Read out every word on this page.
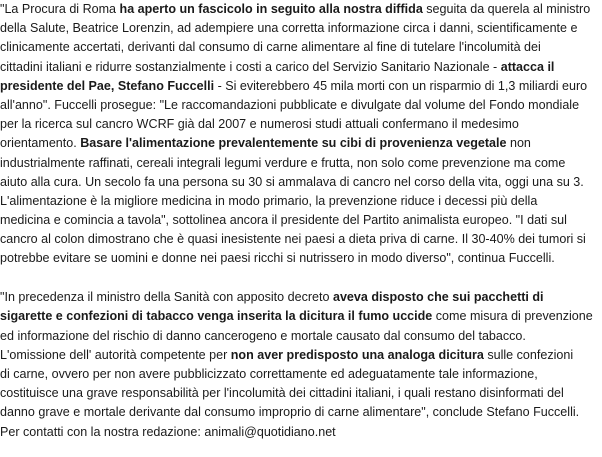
"La Procura di Roma ha aperto un fascicolo in seguito alla nostra diffida seguita da querela al ministro
della Salute, Beatrice Lorenzin, ad adempiere una corretta informazione circa i danni, scientificamente e
clinicamente accertati, derivanti dal consumo di carne alimentare al fine di tutelare l'incolumità dei
cittadini italiani e ridurre sostanzialmente i costi a carico del Servizio Sanitario Nazionale - attacca il
presidente del Pae, Stefano Fuccelli - Si eviterebbero 45 mila morti con un risparmio di 1,3 miliardi euro
all'anno". Fuccelli prosegue: "Le raccomandazioni pubblicate e divulgate dal volume del Fondo mondiale
per la ricerca sul cancro WCRF già dal 2007 e numerosi studi attuali confermano il medesimo
orientamento. Basare l'alimentazione prevalentemente su cibi di provenienza vegetale non
industrialmente raffinati, cereali integrali legumi verdure e frutta, non solo come prevenzione ma come
aiuto alla cura. Un secolo fa una persona su 30 si ammalava di cancro nel corso della vita, oggi una su 3.
L'alimentazione è la migliore medicina in modo primario, la prevenzione riduce i decessi più della
medicina e comincia a tavola", sottolinea ancora il presidente del Partito animalista europeo. "I dati sul
cancro al colon dimostrano che è quasi inesistente nei paesi a dieta priva di carne. Il 30-40% dei tumori si
potrebbe evitare se uomini e donne nei paesi ricchi si nutrissero in modo diverso", continua Fuccelli.
"In precedenza il ministro della Sanità con apposito decreto aveva disposto che sui pacchetti di
sigarette e confezioni di tabacco venga inserita la dicitura il fumo uccide come misura di prevenzione
ed informazione del rischio di danno cancerogeno e mortale causato dal consumo del tabacco.
L'omissione dell' autorità competente per non aver predisposto una analoga dicitura sulle confezioni
di carne, ovvero per non avere pubblicizzato correttamente ed adeguatamente tale informazione,
costituisce una grave responsabilità per l'incolumità dei cittadini italiani, i quali restano disinformati del
danno grave e mortale derivante dal consumo improprio di carne alimentare", conclude Stefano Fuccelli.
Per contatti con la nostra redazione: animali@quotidiano.net
